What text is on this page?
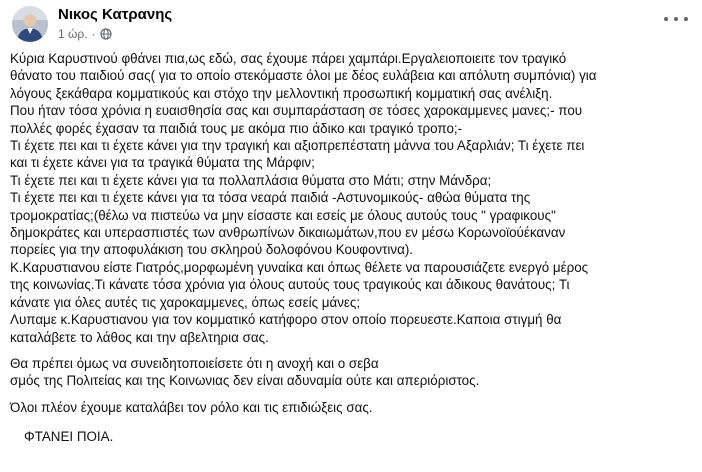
Νικος Κατρανης
1 ώρ. ·

Κύρια Καρυστινού φθάνει πια,ως εδώ, σας έχουμε πάρει χαμπάρι.Εργαλειοποιειτε τον τραγικό

θάνατο του παιδιού σας( για το οποίο στεκόμαστε όλοι με δέος ευλάβεια και απόλυτη συμπόνια) για

λόγους ξεκάθαρα κομματικούς και στόχο την μελλοντική προσωπική κομματική σας ανέλιξη.

Που ήταν τόσα χρόνια η ευαισθησία σας και συμπαράσταση σε τόσες χαροκαμμενες μανες;- που

πολλές φορές έχασαν τα παιδιά τους με ακόμα πιο άδικο και τραγικό τροπο;-

Τι έχετε πει και τι έχετε κάνει για την τραγική και αξιοπρεπέστατη μάννα του Αξαρλιάν; Τι έχετε πει

και τι έχετε κάνει για τα τραγικά θύματα της Μάρφιν;

Τι έχετε πει και τι έχετε κάνει για τα πολλαπλάσια θύματα στο Μάτι; στην Μάνδρα;

Τι έχετε πει και τι έχετε κάνει για τα τόσα νεαρά παιδιά -Αστυνομικούς- αθώα θύματα της

τρομοκρατίας;(θέλω να πιστεύω να μην είσαστε και εσείς με όλους αυτούς τους " γραφικους"

δημοκράτες και υπερασπιστές των ανθρωπίνων δικαιωμάτων,που εν μέσω Κορωνοϊούέκαναν

πορείες για την αποφυλάκιση του σκληρού δολοφόνου Κουφοντινα).

Κ.Καρυστιανου είστε Γιατρός,μορφωμένη γυναίκα και όπως θέλετε να παρουσιάζετε ενεργό μέρος

της κοινωνίας.Τι κάνατε τόσα χρόνια για όλους αυτούς τους τραγικούς και άδικους θανάτους; Τι

κάνατε για όλες αυτές τις χαροκαμμενες, όπως εσείς μάνες;

Λυπαμε κ.Καρυστιανου για τον κομματικό κατήφορο στον οποίο πορευεστε.Καποια στιγμή θα

καταλάβετε το λάθος και την αβελτηρια σας.

Θα πρέπει όμως να συνειδητοποιείσετε ότι η ανοχή και ο σεβα

σμός της Πολιτείας και της Κοινωνιας δεν είναι αδυναμία ούτε και απεριόριστος.

Όλοι πλέον έχουμε καταλάβει τον ρόλο και τις επιδιώξεις σας.

ΦΤΑΝΕΙ ΠΟΙΑ.
